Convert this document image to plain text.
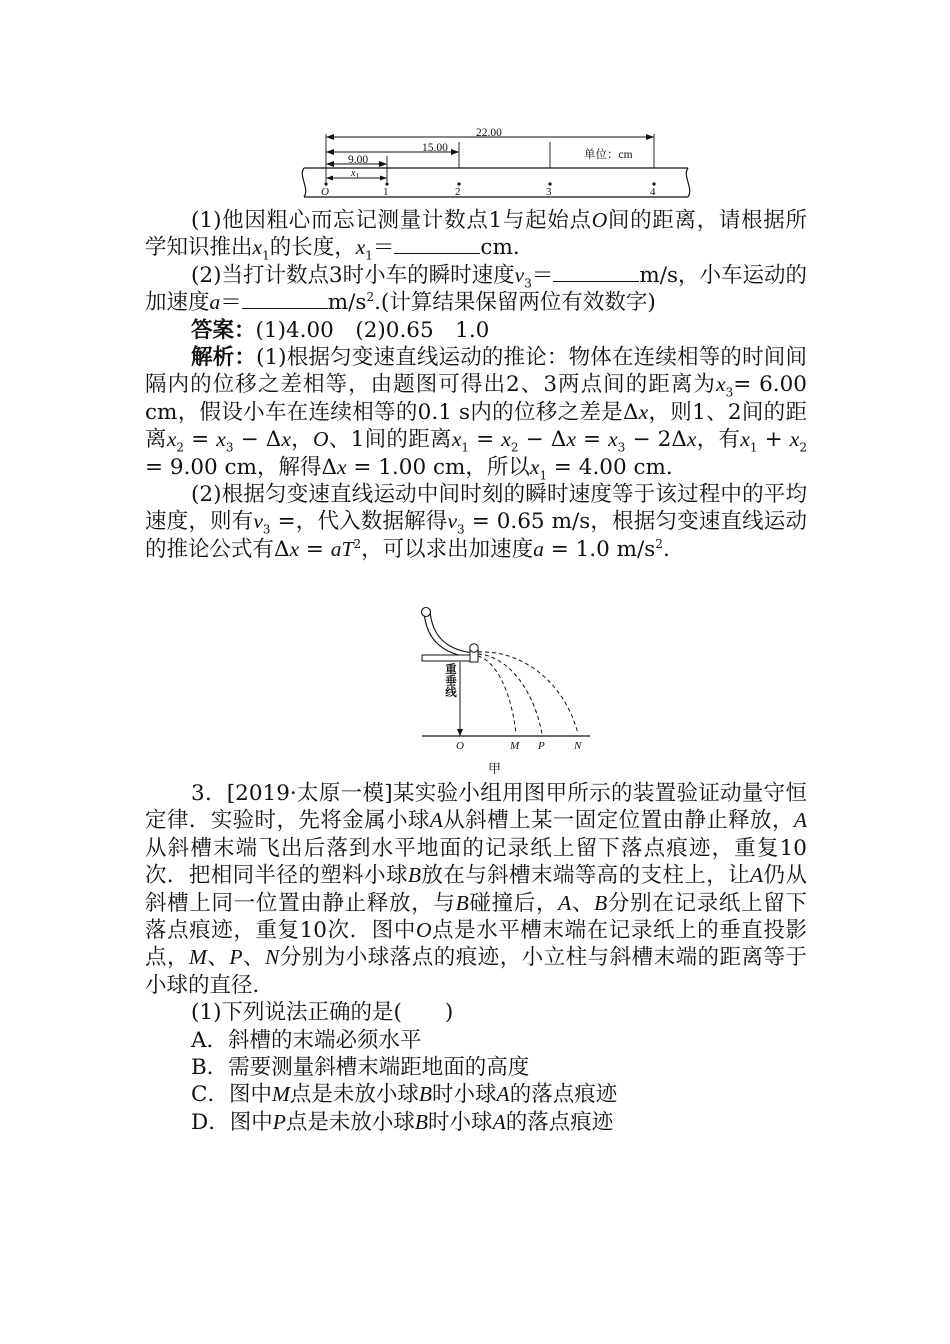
22.00
15.00
9.00
$x_1$
单位：cm
O	1	2	3	4

(1)他因粗心而忘记测量计数点1与起始点O间的距离，请根据所学知识推出$x_1$的长度，$x_1=$	cm.

(2)当打计数点3时小车的瞬时速度$v_3=$	m/s，小车运动的加速度a＝	$m/s^2$.(计算结果保留两位有效数字)

答案：(1)4.00　(2)0.65　1.0

解析：(1)根据匀变速直线运动的推论：物体在连续相等的时间间隔内的位移之差相等，由题图可得出2、3两点间的距离为$x_3= 6.00$ cm，假设小车在连续相等的0.1 s内的位移之差是Δx，则1、2间的距离$x_2 = x_3 - \Delta x$，O、1间的距离$x_1 = x_2 - \Delta x = x_3 - 2\Delta x$，有$x_1 + x_2 = 9.00$ cm，解得Δx = 1.00 cm，所以$x_1 = 4.00$ cm.

(2)根据匀变速直线运动中间时刻的瞬时速度等于该过程中的平均速度，则有$v_3$ =，代入数据解得$v_3 = 0.65$ m/s，根据匀变速直线运动的推论公式有$\Delta x = aT^2$，可以求出加速度a = 1.0 $m/s^2$.

重垂线
O	M P	N
甲

3．[2019·太原一模]某实验小组用图甲所示的装置验证动量守恒定律．实验时，先将金属小球A从斜槽上某一固定位置由静止释放，A从斜槽末端飞出后落到水平地面的记录纸上留下落点痕迹，重复10次．把相同半径的塑料小球B放在与斜槽末端等高的支柱上，让A仍从斜槽上同一位置由静止释放，与B碰撞后，A、B分别在记录纸上留下落点痕迹，重复10次．图中O点是水平槽末端在记录纸上的垂直投影点，M、P、N分别为小球落点的痕迹，小立柱与斜槽末端的距离等于小球的直径．

(1)下列说法正确的是(　　)

A．斜槽的末端必须水平

B．需要测量斜槽末端距地面的高度

C．图中M点是未放小球B时小球A的落点痕迹

D．图中P点是未放小球B时小球A的落点痕迹
